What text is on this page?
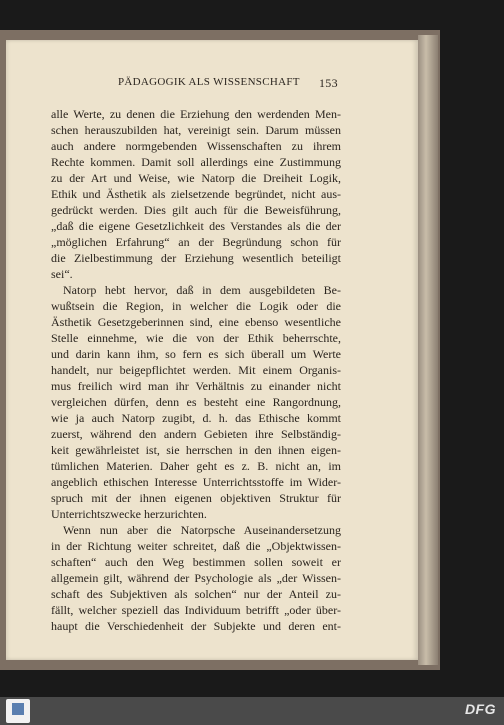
PÄDAGOGIK ALS WISSENSCHAFT 153
alle Werte, zu denen die Erziehung den werdenden Men-
schen herauszubilden hat, vereinigt sein. Darum müssen
auch andere normgebenden Wissenschaften zu ihrem
Rechte kommen. Damit soll allerdings eine Zustimmung
zu der Art und Weise, wie Natorp die Dreiheit Logik,
Ethik und Ästhetik als zielsetzende begründet, nicht aus-
gedrückt werden. Dies gilt auch für die Beweisführung,
„daß die eigene Gesetzlichkeit des Verstandes als die der
„möglichen Erfahrung“ an der Begründung schon für
die Zielbestimmung der Erziehung wesentlich beteiligt
sei“.
Natorp hebt hervor, daß in dem ausgebildeten Be-
wußtsein die Region, in welcher die Logik oder die
Ästhetik Gesetzgeberinnen sind, eine ebenso wesentliche
Stelle einnehme, wie die von der Ethik beherrschte,
und darin kann ihm, so fern es sich überall um Werte
handelt, nur beigepflichtet werden. Mit einem Organis-
mus freilich wird man ihr Verhältnis zu einander nicht
vergleichen dürfen, denn es besteht eine Rangordnung,
wie ja auch Natorp zugibt, d. h. das Ethische kommt
zuerst, während den andern Gebieten ihre Selbständig-
keit gewährleistet ist, sie herrschen in den ihnen eigen-
tümlichen Materien. Daher geht es z. B. nicht an, im
angeblich ethischen Interesse Unterrichtsstoffe im Wider-
spruch mit der ihnen eigenen objektiven Struktur für
Unterrichtszwecke herzurichten.
Wenn nun aber die Natorpsche Auseinandersetzung
in der Richtung weiter schreitet, daß die „Objektwissen-
schaften“ auch den Weg bestimmen sollen soweit er
allgemein gilt, während der Psychologie als „der Wissen-
schaft des Subjektiven als solchen“ nur der Anteil zu-
fällt, welcher speziell das Individuum betrifft „oder über-
haupt die Verschiedenheit der Subjekte und deren ent-
DFG
